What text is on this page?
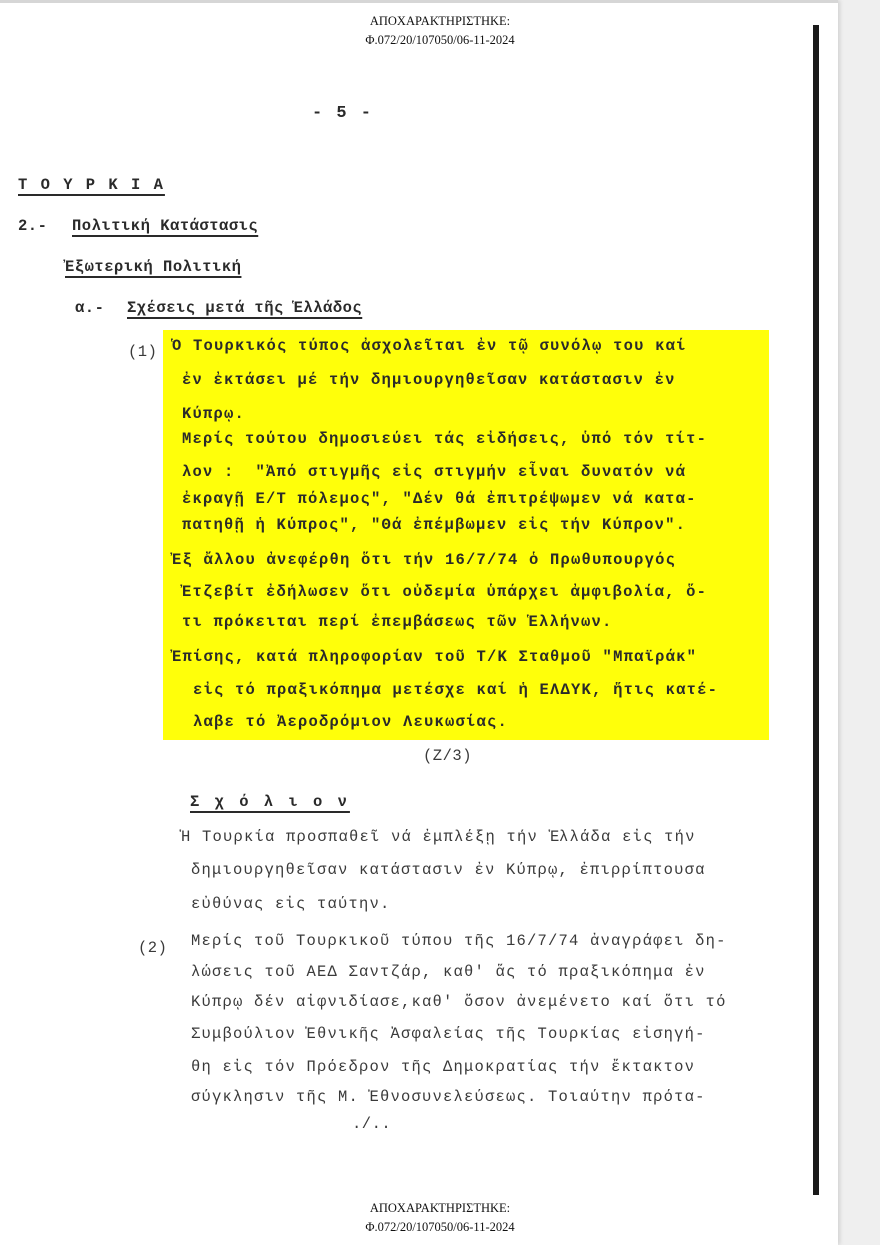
ΑΠΟΧΑΡΑΚΤΗΡΙΣΤΗΚΕ:
Φ.072/20/107050/06-11-2024
- 5 -
Τ Ο Υ Ρ Κ Ι Α
2.- Πολιτική Κατάστασις
Ἐξωτερική Πολιτική
α.- Σχέσεις μετά τῆς Ἑλλάδος
(1) Ὁ Τουρκικός τύπος ἀσχολεῖται ἐν τῷ συνόλῳ του καί
ἐν ἐκτάσει μέ τήν δημιουργηθεῖσαν κατάστασιν ἐν
Κύπρῳ.
Μερίς τούτου δημοσιεύει τάς εἰδήσεις, ὑπό τόν τίτ-
λον :  "Ἀπό στιγμῆς εἰς στιγμήν εἶναι δυνατόν νά
ἐκραγῇ Ε/Τ πόλεμος", "Δέν θά ἐπιτρέψωμεν νά κατα-
πατηθῇ ἡ Κύπρος", "Θά ἐπέμβωμεν εἰς τήν Κύπρον".
Ἐξ ἄλλου ἀνεφέρθη ὅτι τήν 16/7/74 ὁ Πρωθυπουργός
Ἐτζεβίτ ἐδήλωσεν ὅτι οὐδεμία ὑπάρχει ἀμφιβολία, ὅ-
τι πρόκειται περί ἐπεμβάσεως τῶν Ἑλλήνων.
Ἐπίσης, κατά πληροφορίαν τοῦ Τ/Κ Σταθμοῦ "Μπαϊράκ"
εἰς τό πραξικόπημα μετέσχε καί ἡ ΕΛΔΥΚ, ἥτις κατέ-
λαβε τό Ἀεροδρόμιον Λευκωσίας.
(Ζ/3)
Σ χ ό λ ι ο ν
Ἡ Τουρκία προσπαθεῖ νά ἐμπλέξῃ τήν Ἑλλάδα εἰς τήν
δημιουργηθεῖσαν κατάστασιν ἐν Κύπρῳ, ἐπιρρίπτουσα
εὐθύνας εἰς ταύτην.
(2) Μερίς τοῦ Τουρκικοῦ τύπου τῆς 16/7/74 ἀναγράφει δη-
λώσεις τοῦ ΑΕΔ Σαντζάρ, καθ' ἅς τό πραξικόπημα ἐν
Κύπρῳ δέν αἰφνιδίασε,καθ' ὅσον ἀνεμένετο καί ὅτι τό
Συμβούλιον Ἐθνικῆς Ἀσφαλείας τῆς Τουρκίας εἰσηγή-
θη εἰς τόν Πρόεδρον τῆς Δημοκρατίας τήν ἔκτακτον
σύγκλησιν τῆς Μ. Ἐθνοσυνελεύσεως. Τοιαύτην πρότα-
./..
ΑΠΟΧΑΡΑΚΤΗΡΙΣΤΗΚΕ:
Φ.072/20/107050/06-11-2024
